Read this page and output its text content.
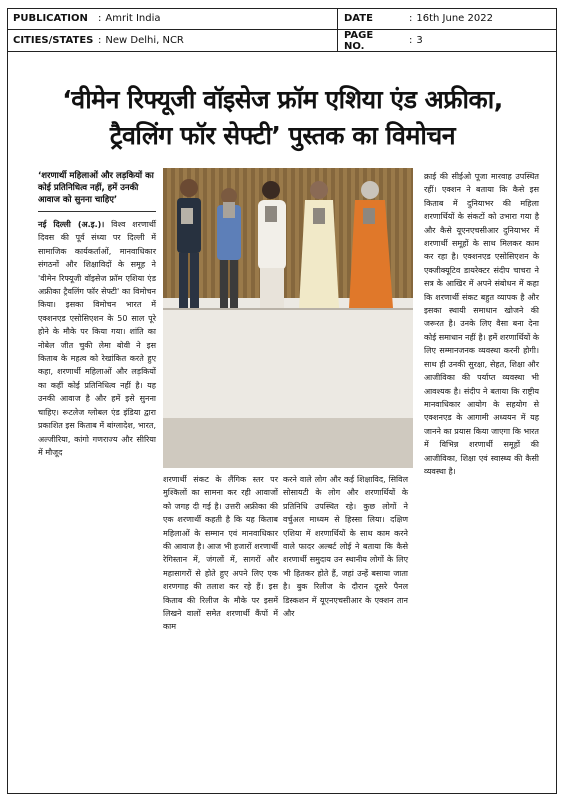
PUBLICATION	: Amrit India	DATE	: 16th June 2022
CITIES/STATES : New Delhi, NCR	PAGE NO.	: 3
‘वीमेन रिफ्यूजी वॉइसेज फ्रॉम एशिया एंड अफ्रीका,
ट्रैवलिंग फॉर सेफ्टी’ पुस्तक का विमोचन
‘शरणार्थी महिलाओं और लड़कियों का कोई प्रतिनिधित्व नहीं, हमें उनकी आवाज को सुनना चाहिए’
नई दिल्ली (अ.इ.)। विश्व शरणार्थी दिवस की पूर्व संध्या पर दिल्ली में सामाजिक कार्यकर्ताओं, मानवाधिकार संगठनों और शिक्षाविदों के समूह ने 'वीमेन रिफ्यूजी वॉइसेज फ्रॉम एशिया एंड अफ्रीका ट्रैवलिंग फॉर सेफ्टी' का विमोचन किया। इसका विमोचन भारत में एक्शनएड एसोसिएशन के 50 साल पूरे होने के मौके पर किया गया। शांति का नोबेल जीत चुकी लेमा बोवी ने इस किताब के महत्व को रेखांकित करते हुए कहा, शरणार्थी महिलाओं और लड़कियों का कहीं कोई प्रतिनिधित्व नहीं है। यह उनकी आवाज है और हमें इसे सुनना चाहिए। रूटलेज ग्लोबल एंड इंडिया द्वारा प्रकाशित इस किताब में बांग्लादेश, भारत, अल्जीरिया, कांगो गणराज्य और सीरिया में मौजूद
शरणार्थी संकट के लैंगिक स्तर पर मुश्किलों का सामना कर रही आवाजों को जगह दी गई है। उत्तरी अफ्रीका की एक शरणार्थी कहती है कि यह किताब महिलाओं के सम्मान एवं मानवाधिकार की आवाज है। आज भी हजारों शरणार्थी रेगिस्तान में, जंगलों में, सागरों और महासागरों से होते हुए अपने लिए एक शरणगाह की तलाश कर रहे हैं। इस किताब की रिलीज के मौके पर इसमें लिखने वालों समेत शरणार्थी कैंपों में काम
करने वाले लोग और कई शिक्षाविद, सिविल सोसायटी के लोग और शरणार्थियों के प्रतिनिधि उपस्थित रहे। कुछ लोगों ने वर्चुअल माध्यम से हिस्सा लिया। दक्षिण एशिया में शरणार्थियों के साथ काम करने वाले फादर अल्बर्ट लोई ने बताया कि कैसे शरणार्थी समुदाय उन स्थानीय लोगों के लिए भी हितकर होते हैं, जहां उन्हें बसाया जाता है। बुक रिलीज के दौरान दूसरे पैनल डिस्कशन में यूएनएचसीआर के एक्शन तान और
क्राई की सीईओ पूजा मारवाह उपस्थित रहीं। एक्शन ने बताया कि कैसे इस किताब में दुनियाभर की महिला शरणार्थियों के संकटों को उभारा गया है और कैसे यूएनएचसीआर दुनियाभर में शरणार्थी समूहों के साथ मिलकर काम कर रहा है। एक्शनएड एसोसिएशन के एक्जीक्यूटिव डायरेक्टर संदीप चाचरा ने सत्र के आखिर में अपने संबोधन में कहा कि शरणार्थी संकट बहुत व्यापक है और इसका स्थायी समाधान खोजने की जरूरत है। उनके लिए वैसा बना देना कोई समाधान नहीं है। हमें शरणार्थियों के लिए सम्मानजनक व्यवस्था करनी होगी। साथ ही उनकी सुरक्षा, सेहत, शिक्षा और आजीविका की पर्याप्त व्यवस्था भी आवश्यक है। संदीप ने बताया कि राष्ट्रीय मानवाधिकार आयोग के सहयोग से एक्शनएड के आगामी अध्ययन में यह जानने का प्रयास किया जाएगा कि भारत में विभिन्न शरणार्थी समूहों की आजीविका, शिक्षा एवं स्वास्थ्य की कैसी व्यवस्था है।
